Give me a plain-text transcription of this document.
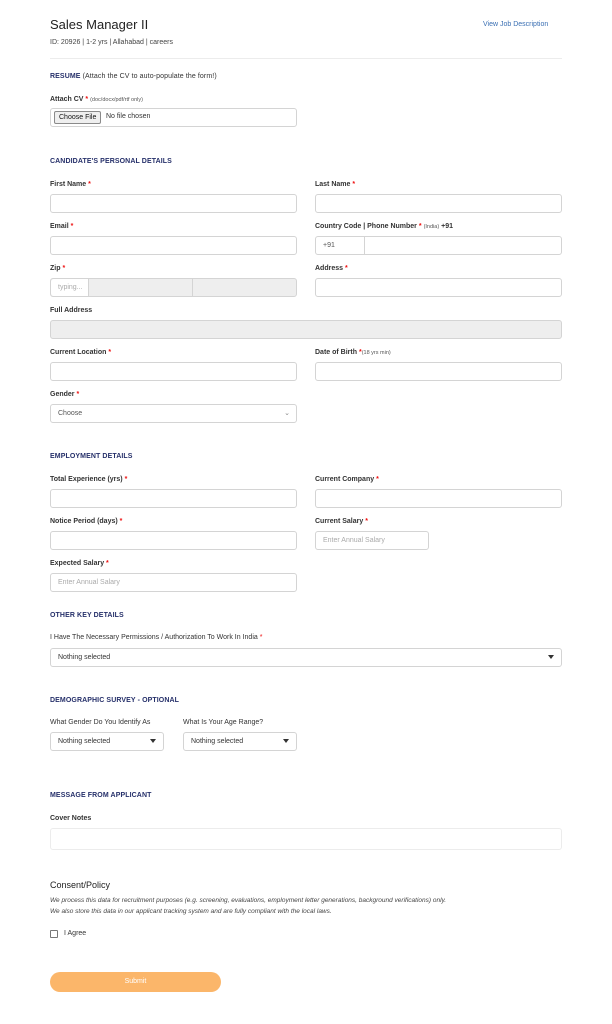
Sales Manager II
ID: 20926 | 1-2 yrs | Allahabad | careers
View Job Description
RESUME (Attach the CV to auto-populate the form!)
Attach CV * (doc/docx/pdf/rtf only)
Choose File	No file chosen
CANDIDATE'S PERSONAL DETAILS
First Name *	Last Name *
Email *	Country Code | Phone Number * (India) +91
+91
Zip *
typing...
Address *
Full Address
Current Location *	Date of Birth *(18 yrs min)
Gender *
Choose	⌄
EMPLOYMENT DETAILS
Total Experience (yrs) *	Current Company *
Notice Period (days) *	Current Salary *
Enter Annual Salary
Expected Salary *
Enter Annual Salary
OTHER KEY DETAILS
I Have The Necessary Permissions / Authorization To Work In India *
Nothing selected
DEMOGRAPHIC SURVEY - OPTIONAL
What Gender Do You Identify As
Nothing selected
What Is Your Age Range?
Nothing selected
MESSAGE FROM APPLICANT
Cover Notes
Consent/Policy
We process this data for recruitment purposes (e.g. screening, evaluations, employment letter generations, background verifications) only.
We also store this data in our applicant tracking system and are fully compliant with the local laws.
I Agree
Submit
